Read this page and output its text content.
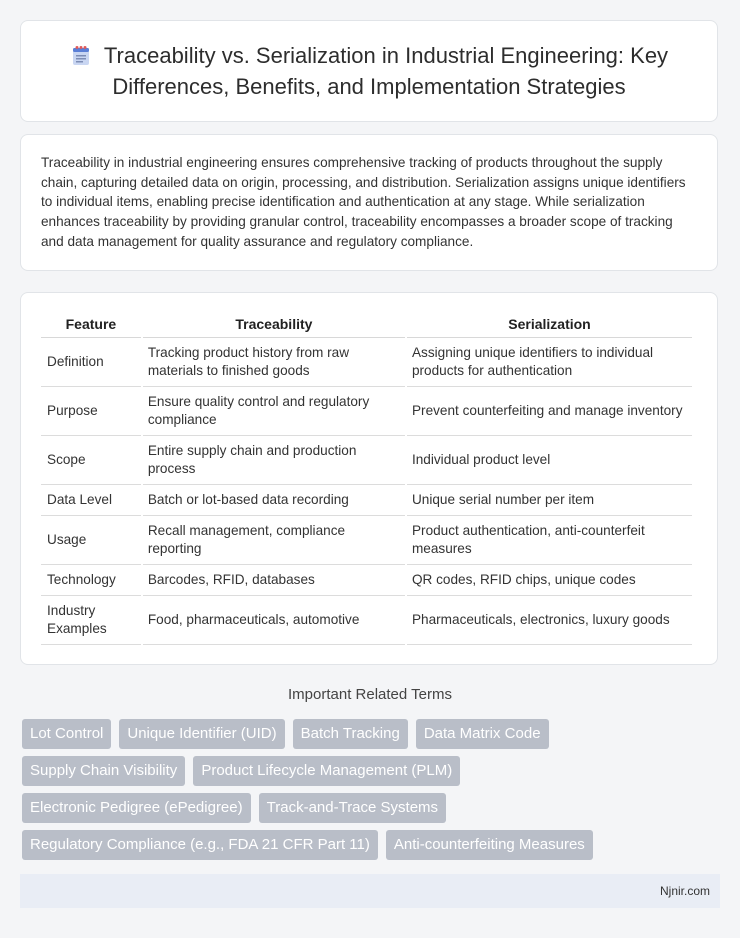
Traceability vs. Serialization in Industrial Engineering: Key Differences, Benefits, and Implementation Strategies

Traceability in industrial engineering ensures comprehensive tracking of products throughout the supply chain, capturing detailed data on origin, processing, and distribution. Serialization assigns unique identifiers to individual items, enabling precise identification and authentication at any stage. While serialization enhances traceability by providing granular control, traceability encompasses a broader scope of tracking and data management for quality assurance and regulatory compliance.

Feature	Traceability	Serialization
Definition	Tracking product history from raw materials to finished goods	Assigning unique identifiers to individual products for authentication
Purpose	Ensure quality control and regulatory compliance	Prevent counterfeiting and manage inventory
Scope	Entire supply chain and production process	Individual product level
Data Level	Batch or lot-based data recording	Unique serial number per item
Usage	Recall management, compliance reporting	Product authentication, anti-counterfeit measures
Technology	Barcodes, RFID, databases	QR codes, RFID chips, unique codes
Industry Examples	Food, pharmaceuticals, automotive	Pharmaceuticals, electronics, luxury goods
Important Related Terms
Lot Control	Unique Identifier (UID)	Batch Tracking	Data Matrix Code
Supply Chain Visibility	Product Lifecycle Management (PLM)
Electronic Pedigree (ePedigree)	Track-and-Trace Systems
Regulatory Compliance (e.g., FDA 21 CFR Part 11)	Anti-counterfeiting Measures
Njnir.com
